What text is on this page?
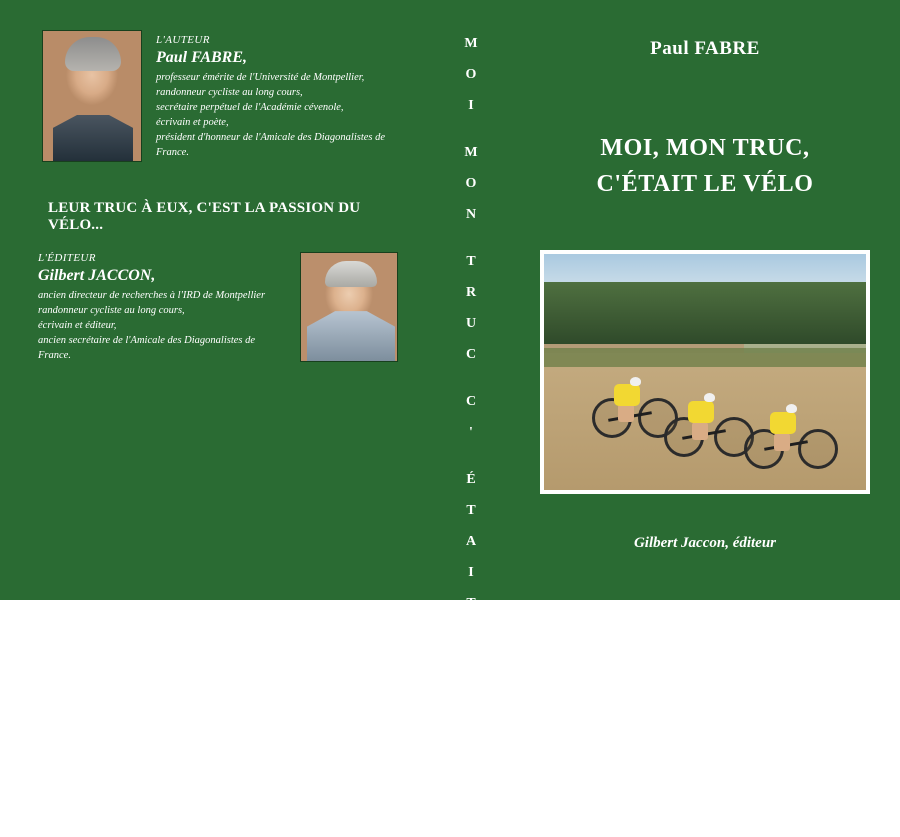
L'AUTEUR
Paul FABRE,
professeur émérite de l'Université de Montpellier,
randonneur cycliste au long cours,
secrétaire perpétuel de l'Académie cévenole,
écrivain et poète,
président d'honneur de l'Amicale des Diagonalistes de
France.
LEUR TRUC À EUX, C'EST LA PASSION DU VÉLO...
L'ÉDITEUR
Gilbert JACCON,
ancien directeur de recherches à l'IRD de Montpellier
randonneur cycliste au long cours,
écrivain et éditeur,
ancien secrétaire de l'Amicale des Diagonalistes de
France.
M
O
I
M
O
N
T
R
U
C
C
'
É
T
A
I
T
L
E
V
É
L
O
Paul FABRE
MOI, MON TRUC,
C'ÉTAIT LE VÉLO
Gilbert Jaccon, éditeur
